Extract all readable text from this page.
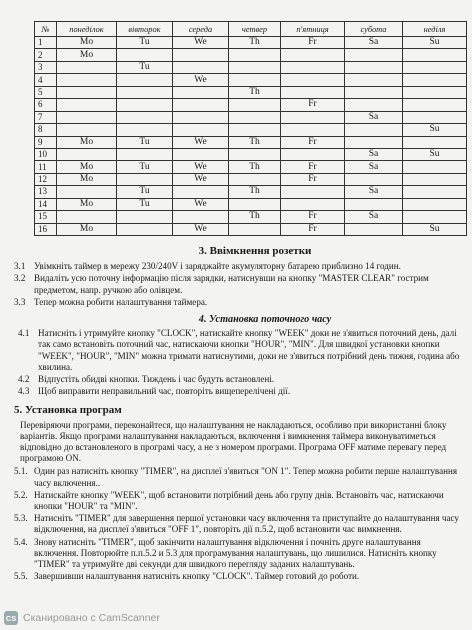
№	понеділок	вівторок	середа	четвер	п'ятниця	субота	неділя
1	Mo	Tu	We	Th	Fr	Sa	Su
2	Mo						
3		Tu					
4			We				
5				Th			
6					Fr		
7						Sa	
8							Su
9	Mo	Tu	We	Th	Fr		
10						Sa	Su
11	Mo	Tu	We	Th	Fr	Sa	
12	Mo		We		Fr		
13		Tu		Th		Sa	
14	Mo	Tu	We				
15				Th	Fr	Sa	
16	Mo		We		Fr		Su

3. Ввімкнення розетки

3.1 Увімкніть таймер в мережу 230/240V і заряджайте акумуляторну батарею приблизно 14 годин.
3.2 Видаліть усю поточну інформацію після зарядки, натиснувши на кнопку "MASTER CLEAR" гострим предметом, напр. ручкою або олівцем.
3.3 Тепер можна робити налаштування таймера.

4. Установка поточного часу

4.1 Натисніть і утримуйте кнопку "CLOCK", натискайте кнопку "WEEK" доки не з'явиться поточний день, далі так само встановіть поточний час, натискаючи кнопки "HOUR", "MIN". Для швидкої установки кнопки "WEEK", "HOUR", "MIN" можна тримати натиснутими, доки не з'явиться потрібний день тижня, година або хвилина.
4.2 Відпустіть обидві кнопки. Тиждень і час будуть встановлені.
4.3 Щоб виправити неправильний час, повторіть вищеперелічені дії.

5. Установка програм

Перевіряючи програми, переконайтеся, що налаштування не накладаються, особливо при використанні блоку варіантів. Якщо програми налаштування накладаються, включення і вимкнення таймера виконуватиметься відповідно до встановленого в програмі часу, а не з номером програми. Програма OFF матиме перевагу перед програмою ON.

5.1. Один раз натисніть кнопку "TIMER", на дисплеї з'явиться "ON 1". Тепер можна робити перше налаштування часу включення..
5.2. Натискайте кнопку "WEEK", щоб встановити потрібний день або групу днів. Встановіть час, натискаючи кнопки "HOUR" та "MIN".
5.3. Натисніть "TIMER" для завершення першої установки часу включення та приступайте до налаштування часу відключення, на дисплеї з'явиться "OFF 1", повторіть дії п.5.2, щоб встановити час вимкнення.
5.4. Знову натисніть "TIMER", щоб закінчити налаштування відключення і почніть друге налаштування включення. Повторюйте п.п.5.2 и 5.3 для програмування налаштувань, що лишилися. Натисніть кнопку "TIMER" та утримуйте дві секунди для швидкого перегляду заданих налаштувань.
5.5. Завершивши налаштування натисніть кнопку "CLOCK". Таймер готовий до роботи.
CS Сканировано с CamScanner
